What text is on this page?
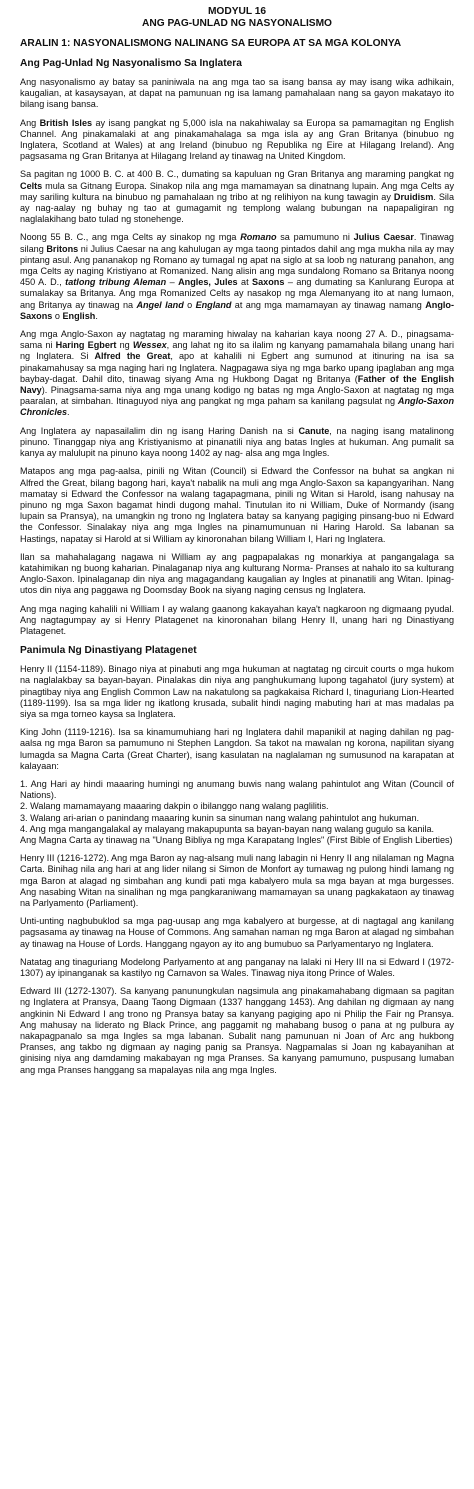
MODYUL 16
ANG PAG-UNLAD NG NASYONALISMO
ARALIN 1: NASYONALISMONG NALINANG SA EUROPA AT SA MGA KOLONYA
Ang Pag-Unlad Ng Nasyonalismo Sa Inglatera

Ang nasyonalismo ay batay sa paniniwala na ang mga tao sa isang bansa ay may isang wika adhikain, kaugalian, at kasaysayan, at dapat na pamunuan ng isa lamang pamahalaan nang sa gayon makatayo ito bilang isang bansa.

Ang British Isles ay isang pangkat ng 5,000 isla na nakahiwalay sa Europa sa pamamagitan ng English Channel. Ang pinakamalaki at ang pinakamahalaga sa mga isla ay ang Gran Britanya (binubuo ng Inglatera, Scotland at Wales) at ang Ireland (binubuo ng Republika ng Eire at Hilagang Ireland). Ang pagsasama ng Gran Britanya at Hilagang Ireland ay tinawag na United Kingdom.

Sa pagitan ng 1000 B. C. at 400 B. C., dumating sa kapuluan ng Gran Britanya ang maraming pangkat ng Celts mula sa Gitnang Europa. Sinakop nila ang mga mamamayan sa dinatnang lupain. Ang mga Celts ay may sariling kultura na binubuo ng pamahalaan ng tribo at ng relihiyon na kung tawagin ay Druidism. Sila ay nag-aalay ng buhay ng tao at gumagamit ng templong walang bubungan na napapaligiran ng naglalakihang bato tulad ng stonehenge.

Noong 55 B. C., ang mga Celts ay sinakop ng mga Romano sa pamumuno ni Julius Caesar. Tinawag silang Britons ni Julius Caesar na ang kahulugan ay mga taong pintados dahil ang mga mukha nila ay may pintang asul. Ang pananakop ng Romano ay tumagal ng apat na siglo at sa loob ng naturang panahon, ang mga Celts ay naging Kristiyano at Romanized. Nang alisin ang mga sundalong Romano sa Britanya noong 450 A. D., tatlong tribung Aleman – Angles, Jules at Saxons – ang dumating sa Kanlurang Europa at sumalakay sa Britanya. Ang mga Romanized Celts ay nasakop ng mga Alemanyang ito at nang lumaon, ang Britanya ay tinawag na Angel land o England at ang mga mamamayan ay tinawag namang Anglo-Saxons o English.

Ang mga Anglo-Saxon ay nagtatag ng maraming hiwalay na kaharian kaya noong 27 A. D., pinagsama-sama ni Haring Egbert ng Wessex, ang lahat ng ito sa ilalim ng kanyang pamamahala bilang unang hari ng Inglatera. Si Alfred the Great, apo at kahalili ni Egbert ang sumunod at itinuring na isa sa pinakamahusay sa mga naging hari ng Inglatera. Nagpagawa siya ng mga barko upang ipaglaban ang mga baybay-dagat. Dahil dito, tinawag siyang Ama ng Hukbong Dagat ng Britanya (Father of the English Navy). Pinagsama-sama niya ang mga unang kodigo ng batas ng mga Anglo-Saxon at nagtatag ng mga paaralan, at simbahan. Itinaguyod niya ang pangkat ng mga paham sa kanilang pagsulat ng Anglo-Saxon Chronicles.

Ang Inglatera ay napasailalim din ng isang Haring Danish na si Canute, na naging isang matalinong pinuno. Tinanggap niya ang Kristiyanismo at pinanatili niya ang batas Ingles at hukuman. Ang pumalit sa kanya ay malulupit na pinuno kaya noong 1402 ay nag- alsa ang mga Ingles.

Matapos ang mga pag-aalsa, pinili ng Witan (Council) si Edward the Confessor na buhat sa angkan ni Alfred the Great, bilang bagong hari, kaya't nabalik na muli ang mga Anglo-Saxon sa kapangyarihan. Nang mamatay si Edward the Confessor na walang tagapagmana, pinili ng Witan si Harold, isang nahusay na pinuno ng mga Saxon bagamat hindi dugong mahal. Tinutulan ito ni William, Duke of Normandy (isang lupain sa Pransya), na umangkin ng trono ng Inglatera batay sa kanyang pagiging pinsang-buo ni Edward the Confessor. Sinalakay niya ang mga Ingles na pinamumunuan ni Haring Harold. Sa labanan sa Hastings, napatay si Harold at si William ay kinoronahan bilang William I, Hari ng Inglatera.

Ilan sa mahahalagang nagawa ni William ay ang pagpapalakas ng monarkiya at pangangalaga sa katahimikan ng buong kaharian. Pinalaganap niya ang kulturang Norma- Pranses at nahalo ito sa kulturang Anglo-Saxon. Ipinalaganap din niya ang magagandang kaugalian ay Ingles at pinanatili ang Witan. Ipinag-utos din niya ang paggawa ng Doomsday Book na siyang naging census ng Inglatera.

Ang mga naging kahalili ni William I ay walang gaanong kakayahan kaya't nagkaroon ng digmaang pyudal. Ang nagtagumpay ay si Henry Platagenet na kinoronahan bilang Henry II, unang hari ng Dinastiyang Platagenet.

Panimula Ng Dinastiyang Platagenet

Henry II (1154-1189). Binago niya at pinabuti ang mga hukuman at nagtatag ng circuit courts o mga hukom na naglalakbay sa bayan-bayan. Pinalakas din niya ang panghukumang lupong tagahatol (jury system) at pinagtibay niya ang English Common Law na nakatulong sa pagkakaisa Richard I, tinaguriang Lion-Hearted (1189-1199). Isa sa mga lider ng ikatlong krusada, subalit hindi naging mabuting hari at mas madalas pa siya sa mga torneo kaysa sa Inglatera.

King John (1119-1216). Isa sa kinamumuhiang hari ng Inglatera dahil mapanikil at naging dahilan ng pag-aalsa ng mga Baron sa pamumuno ni Stephen Langdon. Sa takot na mawalan ng korona, napilitan siyang lumagda sa Magna Carta (Great Charter), isang kasulatan na naglalaman ng sumusunod na karapatan at kalayaan:

1. Ang Hari ay hindi maaaring humingi ng anumang buwis nang walang pahintulot ang Witan (Council of Nations).
2. Walang mamamayang maaaring dakpin o ibilanggo nang walang paglilitis.
3. Walang ari-arian o panindang maaaring kunin sa sinuman nang walang pahintulot ang hukuman.
4. Ang mga mangangalakal ay malayang makapupunta sa bayan-bayan nang walang gugulo sa kanila.

Ang Magna Carta ay tinawag na "Unang Bibliya ng mga Karapatang Ingles" (First Bible of English Liberties)

Henry III (1216-1272). Ang mga Baron ay nag-alsang muli nang labagin ni Henry II ang nilalaman ng Magna Carta. Binihag nila ang hari at ang lider nilang si Simon de Monfort ay tumawag ng pulong hindi lamang ng mga Baron at alagad ng simbahan ang kundi pati mga kabalyero mula sa mga bayan at mga burgesses. Ang nasabing Witan na sinalihan ng mga pangkaraniwang mamamayan sa unang pagkakataon ay tinawag na Parlyamento (Parliament).

Unti-unting nagbubuklod sa mga pag-uusap ang mga kabalyero at burgesse, at di nagtagal ang kanilang pagsasama ay tinawag na House of Commons. Ang samahan naman ng mga Baron at alagad ng simbahan ay tinawag na House of Lords. Hanggang ngayon ay ito ang bumubuo sa Parlyamentaryo ng Inglatera.

Natatag ang tinaguriang Modelong Parlyamento at ang panganay na lalaki ni Hery III na si Edward I (1972-1307) ay ipinanganak sa kastilyo ng Carnavon sa Wales. Tinawag niya itong Prince of Wales.

Edward III (1272-1307). Sa kanyang panunungkulan nagsimula ang pinakamahabang digmaan sa pagitan ng Inglatera at Pransya, Daang Taong Digmaan (1337 hanggang 1453). Ang dahilan ng digmaan ay nang angkinin Ni Edward I ang trono ng Pransya batay sa kanyang pagiging apo ni Philip the Fair ng Pransya. Ang mahusay na liderato ng Black Prince, ang paggamit ng mahabang busog o pana at ng pulbura ay nakapagpanalo sa mga Ingles sa mga labanan. Subalit nang pamunuan ni Joan of Arc ang hukbong Pranses, ang takbo ng digmaan ay naging panig sa Pransya. Nagpamalas si Joan ng kabayanihan at ginising niya ang damdaming makabayan ng mga Pranses. Sa kanyang pamumuno, puspusang lumaban ang mga Pranses hanggang sa mapalayas nila ang mga Ingles.
